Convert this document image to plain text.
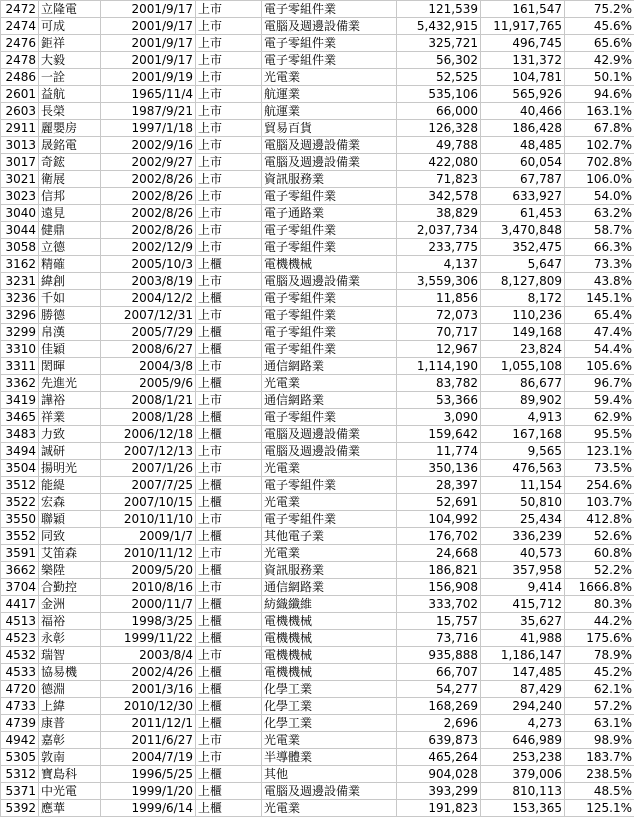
2472	立隆電	2001/9/17	上市	電子零組件業	121,539	161,547	75.2%
2474	可成	2001/9/17	上市	電腦及週邊設備業	5,432,915	11,917,765	45.6%
2476	鉅祥	2001/9/17	上市	電子零組件業	325,721	496,745	65.6%
2478	大毅	2001/9/17	上市	電子零組件業	56,302	131,372	42.9%
2486	一詮	2001/9/19	上市	光電業	52,525	104,781	50.1%
2601	益航	1965/11/4	上市	航運業	535,106	565,926	94.6%
2603	長榮	1987/9/21	上市	航運業	66,000	40,466	163.1%
2911	麗嬰房	1997/1/18	上市	貿易百貨	126,328	186,428	67.8%
3013	晟銘電	2002/9/16	上市	電腦及週邊設備業	49,788	48,485	102.7%
3017	奇鋐	2002/9/27	上市	電腦及週邊設備業	422,080	60,054	702.8%
3021	衛展	2002/8/26	上市	資訊服務業	71,823	67,787	106.0%
3023	信邦	2002/8/26	上市	電子零組件業	342,578	633,927	54.0%
3040	遠見	2002/8/26	上市	電子通路業	38,829	61,453	63.2%
3044	健鼎	2002/8/26	上市	電子零組件業	2,037,734	3,470,848	58.7%
3058	立德	2002/12/9	上市	電子零組件業	233,775	352,475	66.3%
3162	精確	2005/10/3	上櫃	電機機械	4,137	5,647	73.3%
3231	緯創	2003/8/19	上市	電腦及週邊設備業	3,559,306	8,127,809	43.8%
3236	千如	2004/12/2	上櫃	電子零組件業	11,856	8,172	145.1%
3296	勝德	2007/12/31	上市	電子零組件業	72,073	110,236	65.4%
3299	帛漢	2005/7/29	上櫃	電子零組件業	70,717	149,168	47.4%
3310	佳穎	2008/6/27	上櫃	電子零組件業	12,967	23,824	54.4%
3311	閎暉	2004/3/8	上市	通信網路業	1,114,190	1,055,108	105.6%
3362	先進光	2005/9/6	上櫃	光電業	83,782	86,677	96.7%
3419	譁裕	2008/1/21	上市	通信網路業	53,366	89,902	59.4%
3465	祥業	2008/1/28	上櫃	電子零組件業	3,090	4,913	62.9%
3483	力致	2006/12/18	上櫃	電腦及週邊設備業	159,642	167,168	95.5%
3494	誠研	2007/12/13	上市	電腦及週邊設備業	11,774	9,565	123.1%
3504	揚明光	2007/1/26	上市	光電業	350,136	476,563	73.5%
3512	能緹	2007/7/25	上櫃	電子零組件業	28,397	11,154	254.6%
3522	宏森	2007/10/15	上櫃	光電業	52,691	50,810	103.7%
3550	聯穎	2010/11/10	上市	電子零組件業	104,992	25,434	412.8%
3552	同致	2009/1/7	上櫃	其他電子業	176,702	336,239	52.6%
3591	艾笛森	2010/11/12	上市	光電業	24,668	40,573	60.8%
3662	樂陞	2009/5/20	上櫃	資訊服務業	186,821	357,958	52.2%
3704	合勤控	2010/8/16	上市	通信網路業	156,908	9,414	1666.8%
4417	金洲	2000/11/7	上櫃	紡織纖維	333,702	415,712	80.3%
4513	福裕	1998/3/25	上櫃	電機機械	15,757	35,627	44.2%
4523	永彰	1999/11/22	上櫃	電機機械	73,716	41,988	175.6%
4532	瑞智	2003/8/4	上市	電機機械	935,888	1,186,147	78.9%
4533	協易機	2002/4/26	上櫃	電機機械	66,707	147,485	45.2%
4720	德淵	2001/3/16	上櫃	化學工業	54,277	87,429	62.1%
4733	上緯	2010/12/30	上櫃	化學工業	168,269	294,240	57.2%
4739	康普	2011/12/1	上櫃	化學工業	2,696	4,273	63.1%
4942	嘉彰	2011/6/27	上市	光電業	639,873	646,989	98.9%
5305	敦南	2004/7/19	上市	半導體業	465,264	253,238	183.7%
5312	寶島科	1996/5/25	上櫃	其他	904,028	379,006	238.5%
5371	中光電	1999/1/20	上櫃	電腦及週邊設備業	393,299	810,113	48.5%
5392	應華	1999/6/14	上櫃	光電業	191,823	153,365	125.1%
